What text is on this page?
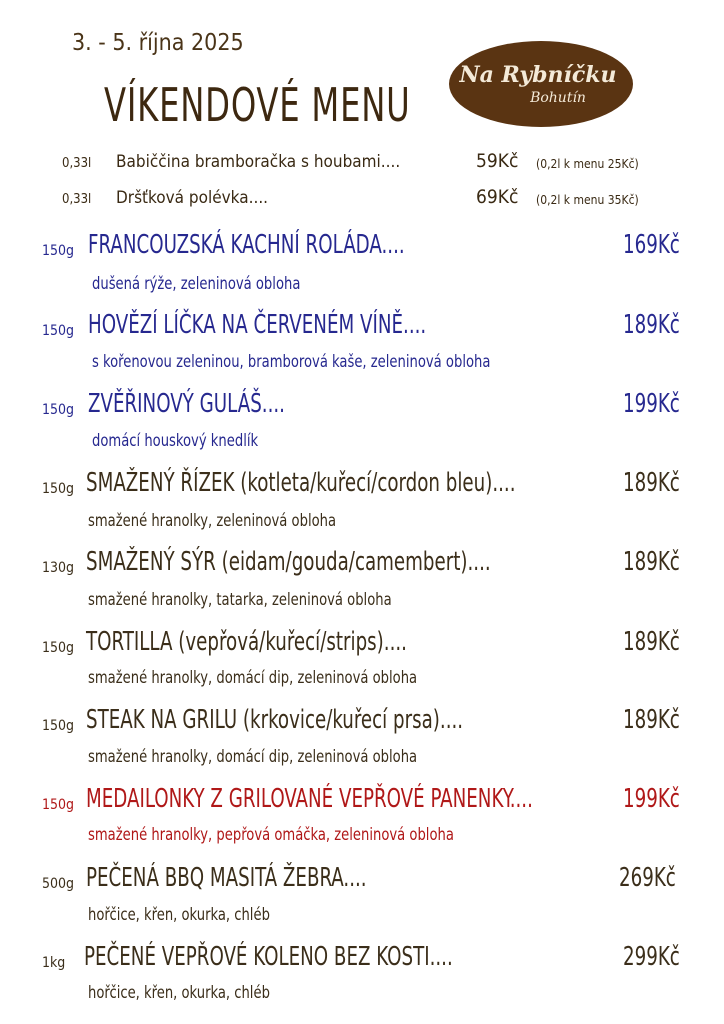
3. - 5. října 2025
VÍKENDOVÉ MENU
Na Rybníčku
Bohutín
0,33l Babiččina bramboračka s houbami....	59Kč (0,2l k menu 25Kč)
0,33l Dršťková polévka....	69Kč (0,2l k menu 35Kč)
150g FRANCOUZSKÁ KACHNÍ ROLÁDA....	169Kč
dušená rýže, zeleninová obloha
150g HOVĚZÍ LÍČKA NA ČERVENÉM VÍNĚ....	189Kč
s kořenovou zeleninou, bramborová kaše, zeleninová obloha
150g ZVĚŘINOVÝ GULÁŠ....	199Kč
domácí houskový knedlík
150g SMAŽENÝ ŘÍZEK (kotleta/kuřecí/cordon bleu)....	189Kč
smažené hranolky, zeleninová obloha
130g SMAŽENÝ SÝR (eidam/gouda/camembert)....	189Kč
smažené hranolky, tatarka, zeleninová obloha
150g TORTILLA (vepřová/kuřecí/strips)....	189Kč
smažené hranolky, domácí dip, zeleninová obloha
150g STEAK NA GRILU (krkovice/kuřecí prsa)....	189Kč
smažené hranolky, domácí dip, zeleninová obloha
150g MEDAILONKY Z GRILOVANÉ VEPŘOVÉ PANENKY....	199Kč
smažené hranolky, pepřová omáčka, zeleninová obloha
500g PEČENÁ BBQ MASITÁ ŽEBRA....	269Kč
hořčice, křen, okurka, chléb
1kg PEČENÉ VEPŘOVÉ KOLENO BEZ KOSTI....	299Kč
hořčice, křen, okurka, chléb
